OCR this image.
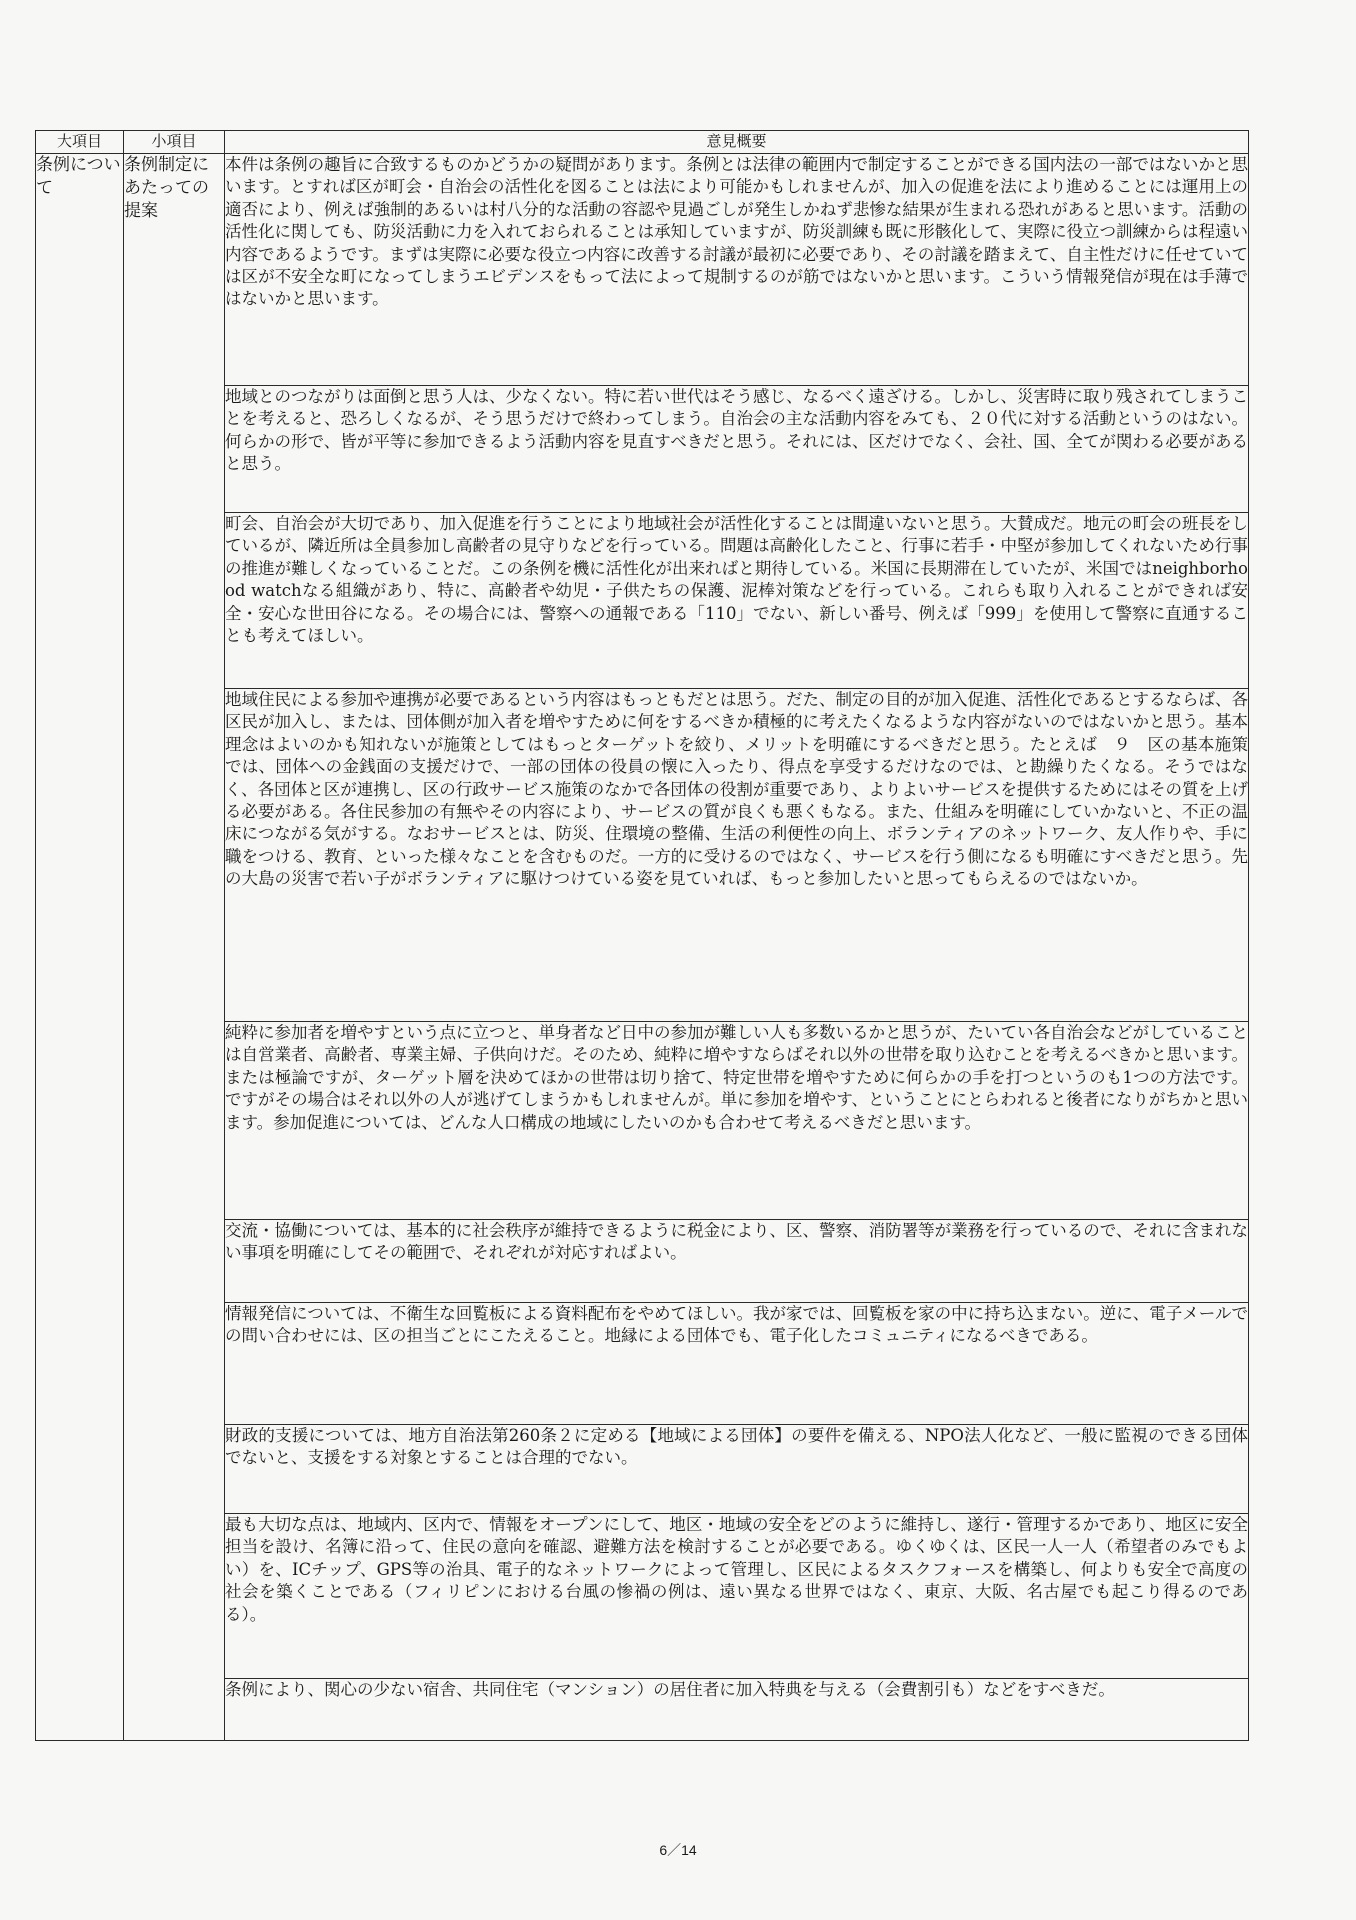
大項目	小項目	意見概要
条例について	条例制定にあたっての提案	本件は条例の趣旨に合致するものかどうかの疑問があります。条例とは法律の範囲内で制定することができる国内法の一部ではないかと思います。とすれば区が町会・自治会の活性化を図ることは法により可能かもしれませんが、加入の促進を法により進めることには運用上の適否により、例えば強制的あるいは村八分的な活動の容認や見過ごしが発生しかねず悲惨な結果が生まれる恐れがあると思います。活動の活性化に関しても、防災活動に力を入れておられることは承知していますが、防災訓練も既に形骸化して、実際に役立つ訓練からは程遠い内容であるようです。まずは実際に必要な役立つ内容に改善する討議が最初に必要であり、その討議を踏まえて、自主性だけに任せていては区が不安全な町になってしまうエビデンスをもって法によって規制するのが筋ではないかと思います。こういう情報発信が現在は手薄ではないかと思います。
		地域とのつながりは面倒と思う人は、少なくない。特に若い世代はそう感じ、なるべく遠ざける。しかし、災害時に取り残されてしまうことを考えると、恐ろしくなるが、そう思うだけで終わってしまう。自治会の主な活動内容をみても、２０代に対する活動というのはない。何らかの形で、皆が平等に参加できるよう活動内容を見直すべきだと思う。それには、区だけでなく、会社、国、全てが関わる必要があると思う。
		町会、自治会が大切であり、加入促進を行うことにより地域社会が活性化することは間違いないと思う。大賛成だ。地元の町会の班長をしているが、隣近所は全員参加し高齢者の見守りなどを行っている。問題は高齢化したこと、行事に若手・中堅が参加してくれないため行事の推進が難しくなっていることだ。この条例を機に活性化が出来ればと期待している。米国に長期滞在していたが、米国ではneighborhood watchなる組織があり、特に、高齢者や幼児・子供たちの保護、泥棒対策などを行っている。これらも取り入れることができれば安全・安心な世田谷になる。その場合には、警察への通報である「110」でない、新しい番号、例えば「999」を使用して警察に直通することも考えてほしい。
		地域住民による参加や連携が必要であるという内容はもっともだとは思う。だた、制定の目的が加入促進、活性化であるとするならば、各区民が加入し、または、団体側が加入者を増やすために何をするべきか積極的に考えたくなるような内容がないのではないかと思う。基本理念はよいのかも知れないが施策としてはもっとターゲットを絞り、メリットを明確にするべきだと思う。たとえば　９　区の基本施策　では、団体への金銭面の支援だけで、一部の団体の役員の懐に入ったり、得点を享受するだけなのでは、と勘繰りたくなる。そうではなく、各団体と区が連携し、区の行政サービス施策のなかで各団体の役割が重要であり、よりよいサービスを提供するためにはその質を上げる必要がある。各住民参加の有無やその内容により、サービスの質が良くも悪くもなる。また、仕組みを明確にしていかないと、不正の温床につながる気がする。なおサービスとは、防災、住環境の整備、生活の利便性の向上、ボランティアのネットワーク、友人作りや、手に職をつける、教育、といった様々なことを含むものだ。一方的に受けるのではなく、サービスを行う側になるも明確にすべきだと思う。先の大島の災害で若い子がボランティアに駆けつけている姿を見ていれば、もっと参加したいと思ってもらえるのではないか。
		純粋に参加者を増やすという点に立つと、単身者など日中の参加が難しい人も多数いるかと思うが、たいてい各自治会などがしていることは自営業者、高齢者、専業主婦、子供向けだ。そのため、純粋に増やすならばそれ以外の世帯を取り込むことを考えるべきかと思います。または極論ですが、ターゲット層を決めてほかの世帯は切り捨て、特定世帯を増やすために何らかの手を打つというのも1つの方法です。ですがその場合はそれ以外の人が逃げてしまうかもしれませんが。単に参加を増やす、ということにとらわれると後者になりがちかと思います。参加促進については、どんな人口構成の地域にしたいのかも合わせて考えるべきだと思います。
		交流・協働については、基本的に社会秩序が維持できるように税金により、区、警察、消防署等が業務を行っているので、それに含まれない事項を明確にしてその範囲で、それぞれが対応すればよい。
		情報発信については、不衛生な回覧板による資料配布をやめてほしい。我が家では、回覧板を家の中に持ち込まない。逆に、電子メールでの問い合わせには、区の担当ごとにこたえること。地縁による団体でも、電子化したコミュニティになるべきである。
		財政的支援については、地方自治法第260条２に定める【地域による団体】の要件を備える、NPO法人化など、一般に監視のできる団体でないと、支援をする対象とすることは合理的でない。
		最も大切な点は、地域内、区内で、情報をオープンにして、地区・地域の安全をどのように維持し、遂行・管理するかであり、地区に安全担当を設け、名簿に沿って、住民の意向を確認、避難方法を検討することが必要である。ゆくゆくは、区民一人一人（希望者のみでもよい）を、ICチップ、GPS等の治具、電子的なネットワークによって管理し、区民によるタスクフォースを構築し、何よりも安全で高度の社会を築くことである（フィリピンにおける台風の惨禍の例は、遠い異なる世界ではなく、東京、大阪、名古屋でも起こり得るのである）。
		条例により、関心の少ない宿舎、共同住宅（マンション）の居住者に加入特典を与える（会費割引も）などをすべきだ。
6／14
